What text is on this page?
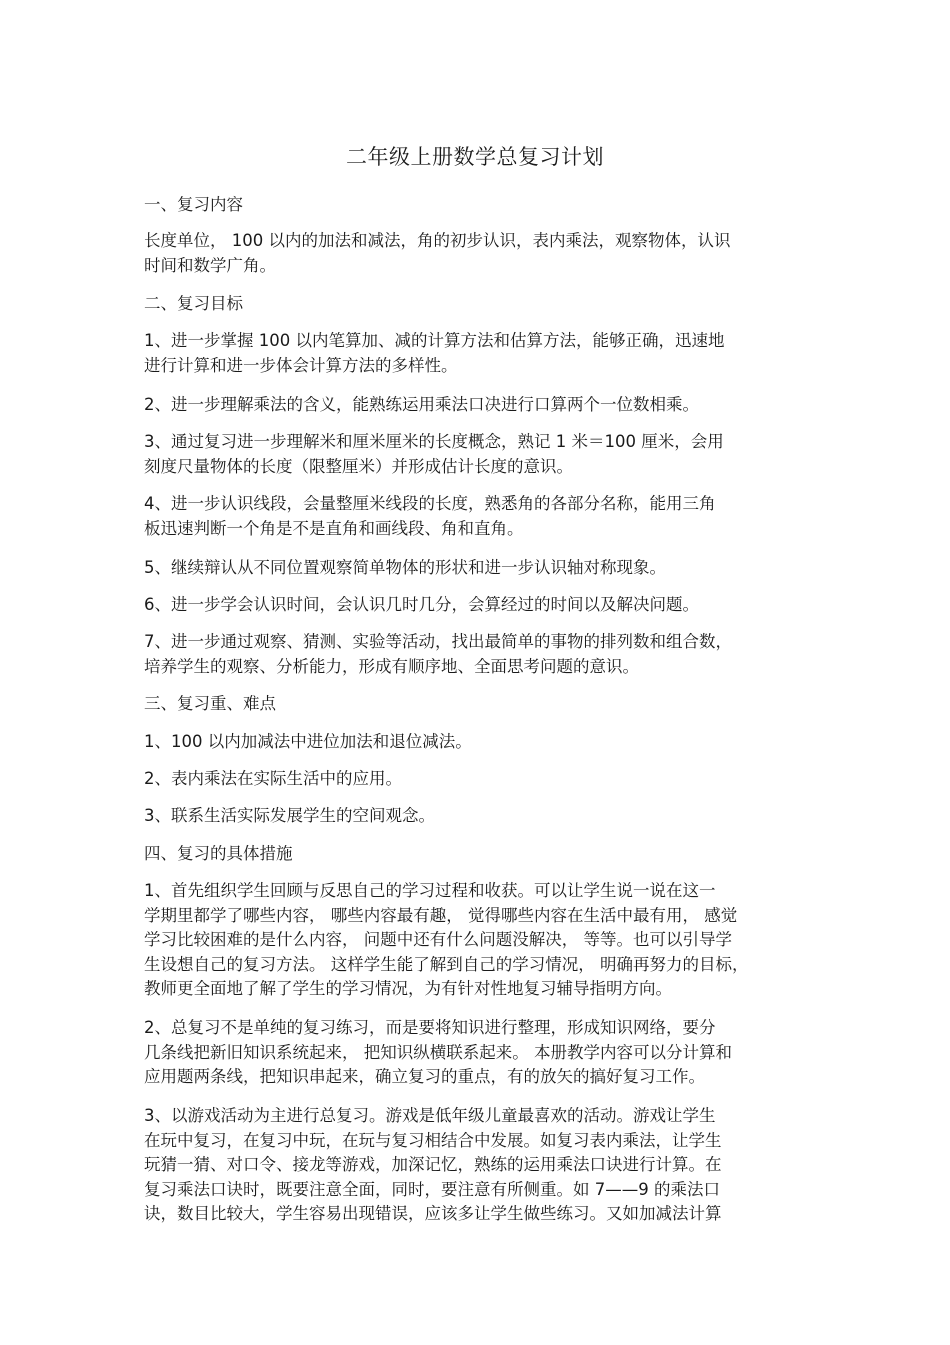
二年级上册数学总复习计划
一、复习内容
长度单位， 100 以内的加法和减法，角的初步认识，表内乘法，观察物体，认识
时间和数学广角。
二、复习目标
1、进一步掌握 100 以内笔算加、减的计算方法和估算方法，能够正确，迅速地
进行计算和进一步体会计算方法的多样性。
2、进一步理解乘法的含义，能熟练运用乘法口决进行口算两个一位数相乘。
3、通过复习进一步理解米和厘米厘米的长度概念，熟记 1 米＝100 厘米，会用
刻度尺量物体的长度（限整厘米）并形成估计长度的意识。
4、进一步认识线段，会量整厘米线段的长度，熟悉角的各部分名称，能用三角
板迅速判断一个角是不是直角和画线段、角和直角。
5、继续辩认从不同位置观察简单物体的形状和进一步认识轴对称现象。
6、进一步学会认识时间，会认识几时几分，会算经过的时间以及解决问题。
7、进一步通过观察、猜测、实验等活动，找出最简单的事物的排列数和组合数，
培养学生的观察、分析能力，形成有顺序地、全面思考问题的意识。
三、复习重、难点
1、100 以内加减法中进位加法和退位减法。
2、表内乘法在实际生活中的应用。
3、联系生活实际发展学生的空间观念。
四、复习的具体措施
1、首先组织学生回顾与反思自己的学习过程和收获。可以让学生说一说在这一
学期里都学了哪些内容， 哪些内容最有趣， 觉得哪些内容在生活中最有用， 感觉
学习比较困难的是什么内容， 问题中还有什么问题没解决， 等等。也可以引导学
生设想自己的复习方法。 这样学生能了解到自己的学习情况， 明确再努力的目标，
教师更全面地了解了学生的学习情况，为有针对性地复习辅导指明方向。
2、总复习不是单纯的复习练习，而是要将知识进行整理，形成知识网络，要分
几条线把新旧知识系统起来， 把知识纵横联系起来。 本册教学内容可以分计算和
应用题两条线，把知识串起来，确立复习的重点，有的放矢的搞好复习工作。
3、以游戏活动为主进行总复习。游戏是低年级儿童最喜欢的活动。游戏让学生
在玩中复习，在复习中玩，在玩与复习相结合中发展。如复习表内乘法，让学生
玩猜一猜、对口令、接龙等游戏，加深记忆，熟练的运用乘法口诀进行计算。在
复习乘法口诀时，既要注意全面，同时，要注意有所侧重。如 7——9 的乘法口
诀，数目比较大，学生容易出现错误，应该多让学生做些练习。又如加减法计算
